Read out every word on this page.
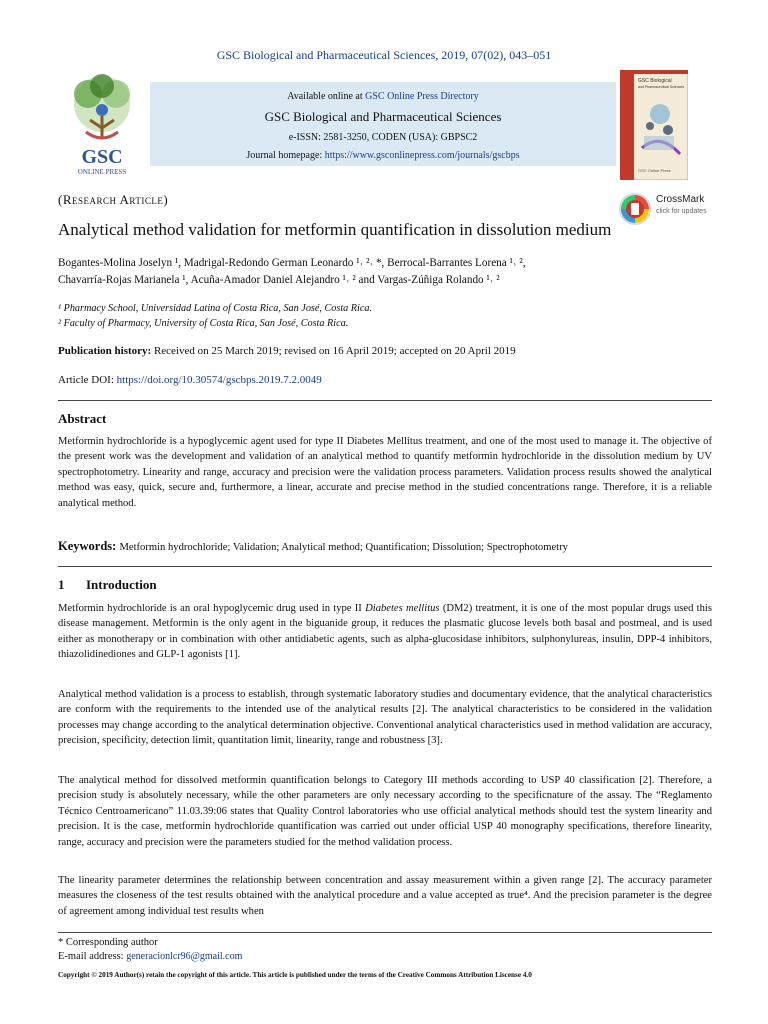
GSC Biological and Pharmaceutical Sciences, 2019, 07(02), 043–051
GSC
ONLINE PRESS
Available online at GSC Online Press Directory
GSC Biological and Pharmaceutical Sciences
e-ISSN: 2581-3250, CODEN (USA): GBPSC2
Journal homepage: https://www.gsconlinepress.com/journals/gscbps
GSC Biological
and Pharmaceutical Sciences
GSC Online Press
(Research Article)	CrossMark
click for updates
Analytical method validation for metformin quantification in dissolution medium
Bogantes-Molina Joselyn ¹, Madrigal-Redondo German Leonardo ¹˒ ²˒ *, Berrocal-Barrantes Lorena ¹˒ ²,
Chavarría-Rojas Marianela ¹, Acuña-Amador Daniel Alejandro ¹˒ ² and Vargas-Zúñiga Rolando ¹˒ ²
¹ Pharmacy School, Universidad Latina of Costa Rica, San José, Costa Rica.
² Faculty of Pharmacy, University of Costa Rica, San José, Costa Rica.
Publication history: Received on 25 March 2019; revised on 16 April 2019; accepted on 20 April 2019
Article DOI: https://doi.org/10.30574/gscbps.2019.7.2.0049
Abstract
Metformin hydrochloride is a hypoglycemic agent used for type II Diabetes Mellitus treatment, and one of the most used to manage it. The objective of the present work was the development and validation of an analytical method to quantify metformin hydrochloride in the dissolution medium by UV spectrophotometry. Linearity and range, accuracy and precision were the validation process parameters. Validation process results showed the analytical method was easy, quick, secure and, furthermore, a linear, accurate and precise method in the studied concentrations range. Therefore, it is a reliable analytical method.
Keywords: Metformin hydrochloride; Validation; Analytical method; Quantification; Dissolution; Spectrophotometry
1 Introduction

Metformin hydrochloride is an oral hypoglycemic drug used in type II Diabetes mellitus (DM2) treatment, it is one of the most popular drugs used this disease management. Metformin is the only agent in the biguanide group, it reduces the plasmatic glucose levels both basal and postmeal, and is used either as monotherapy or in combination with other antidiabetic agents, such as alpha-glucosidase inhibitors, sulphonylureas, insulin, DPP-4 inhibitors, thiazolidinediones and GLP-1 agonists [1].

Analytical method validation is a process to establish, through systematic laboratory studies and documentary evidence, that the analytical characteristics are conform with the requirements to the intended use of the analytical results [2]. The analytical characteristics to be considered in the validation processes may change according to the analytical determination objective. Conventional analytical characteristics used in method validation are accuracy, precision, specificity, detection limit, quantitation limit, linearity, range and robustness [3].

The analytical method for dissolved metformin quantification belongs to Category III methods according to USP 40 classification [2]. Therefore, a precision study is absolutely necessary, while the other parameters are only necessary according to the specificnature of the assay. The “Reglamento Técnico Centroamericano” 11.03.39:06 states that Quality Control laboratories who use official analytical methods should test the system linearity and precision. It is the case, metformin hydrochloride quantification was carried out under official USP 40 monography specifications, therefore linearity, range, accuracy and precision were the parameters studied for the method validation process.

The linearity parameter determines the relationship between concentration and assay measurement within a given range [2]. The accuracy parameter measures the closeness of the test results obtained with the analytical procedure and a value accepted as true⁴. And the precision parameter is the degree of agreement among individual test results when

* Corresponding author
E-mail address: generacionlcr96@gmail.com
Copyright © 2019 Author(s) retain the copyright of this article. This article is published under the terms of the Creative Commons Attribution Liscense 4.0
